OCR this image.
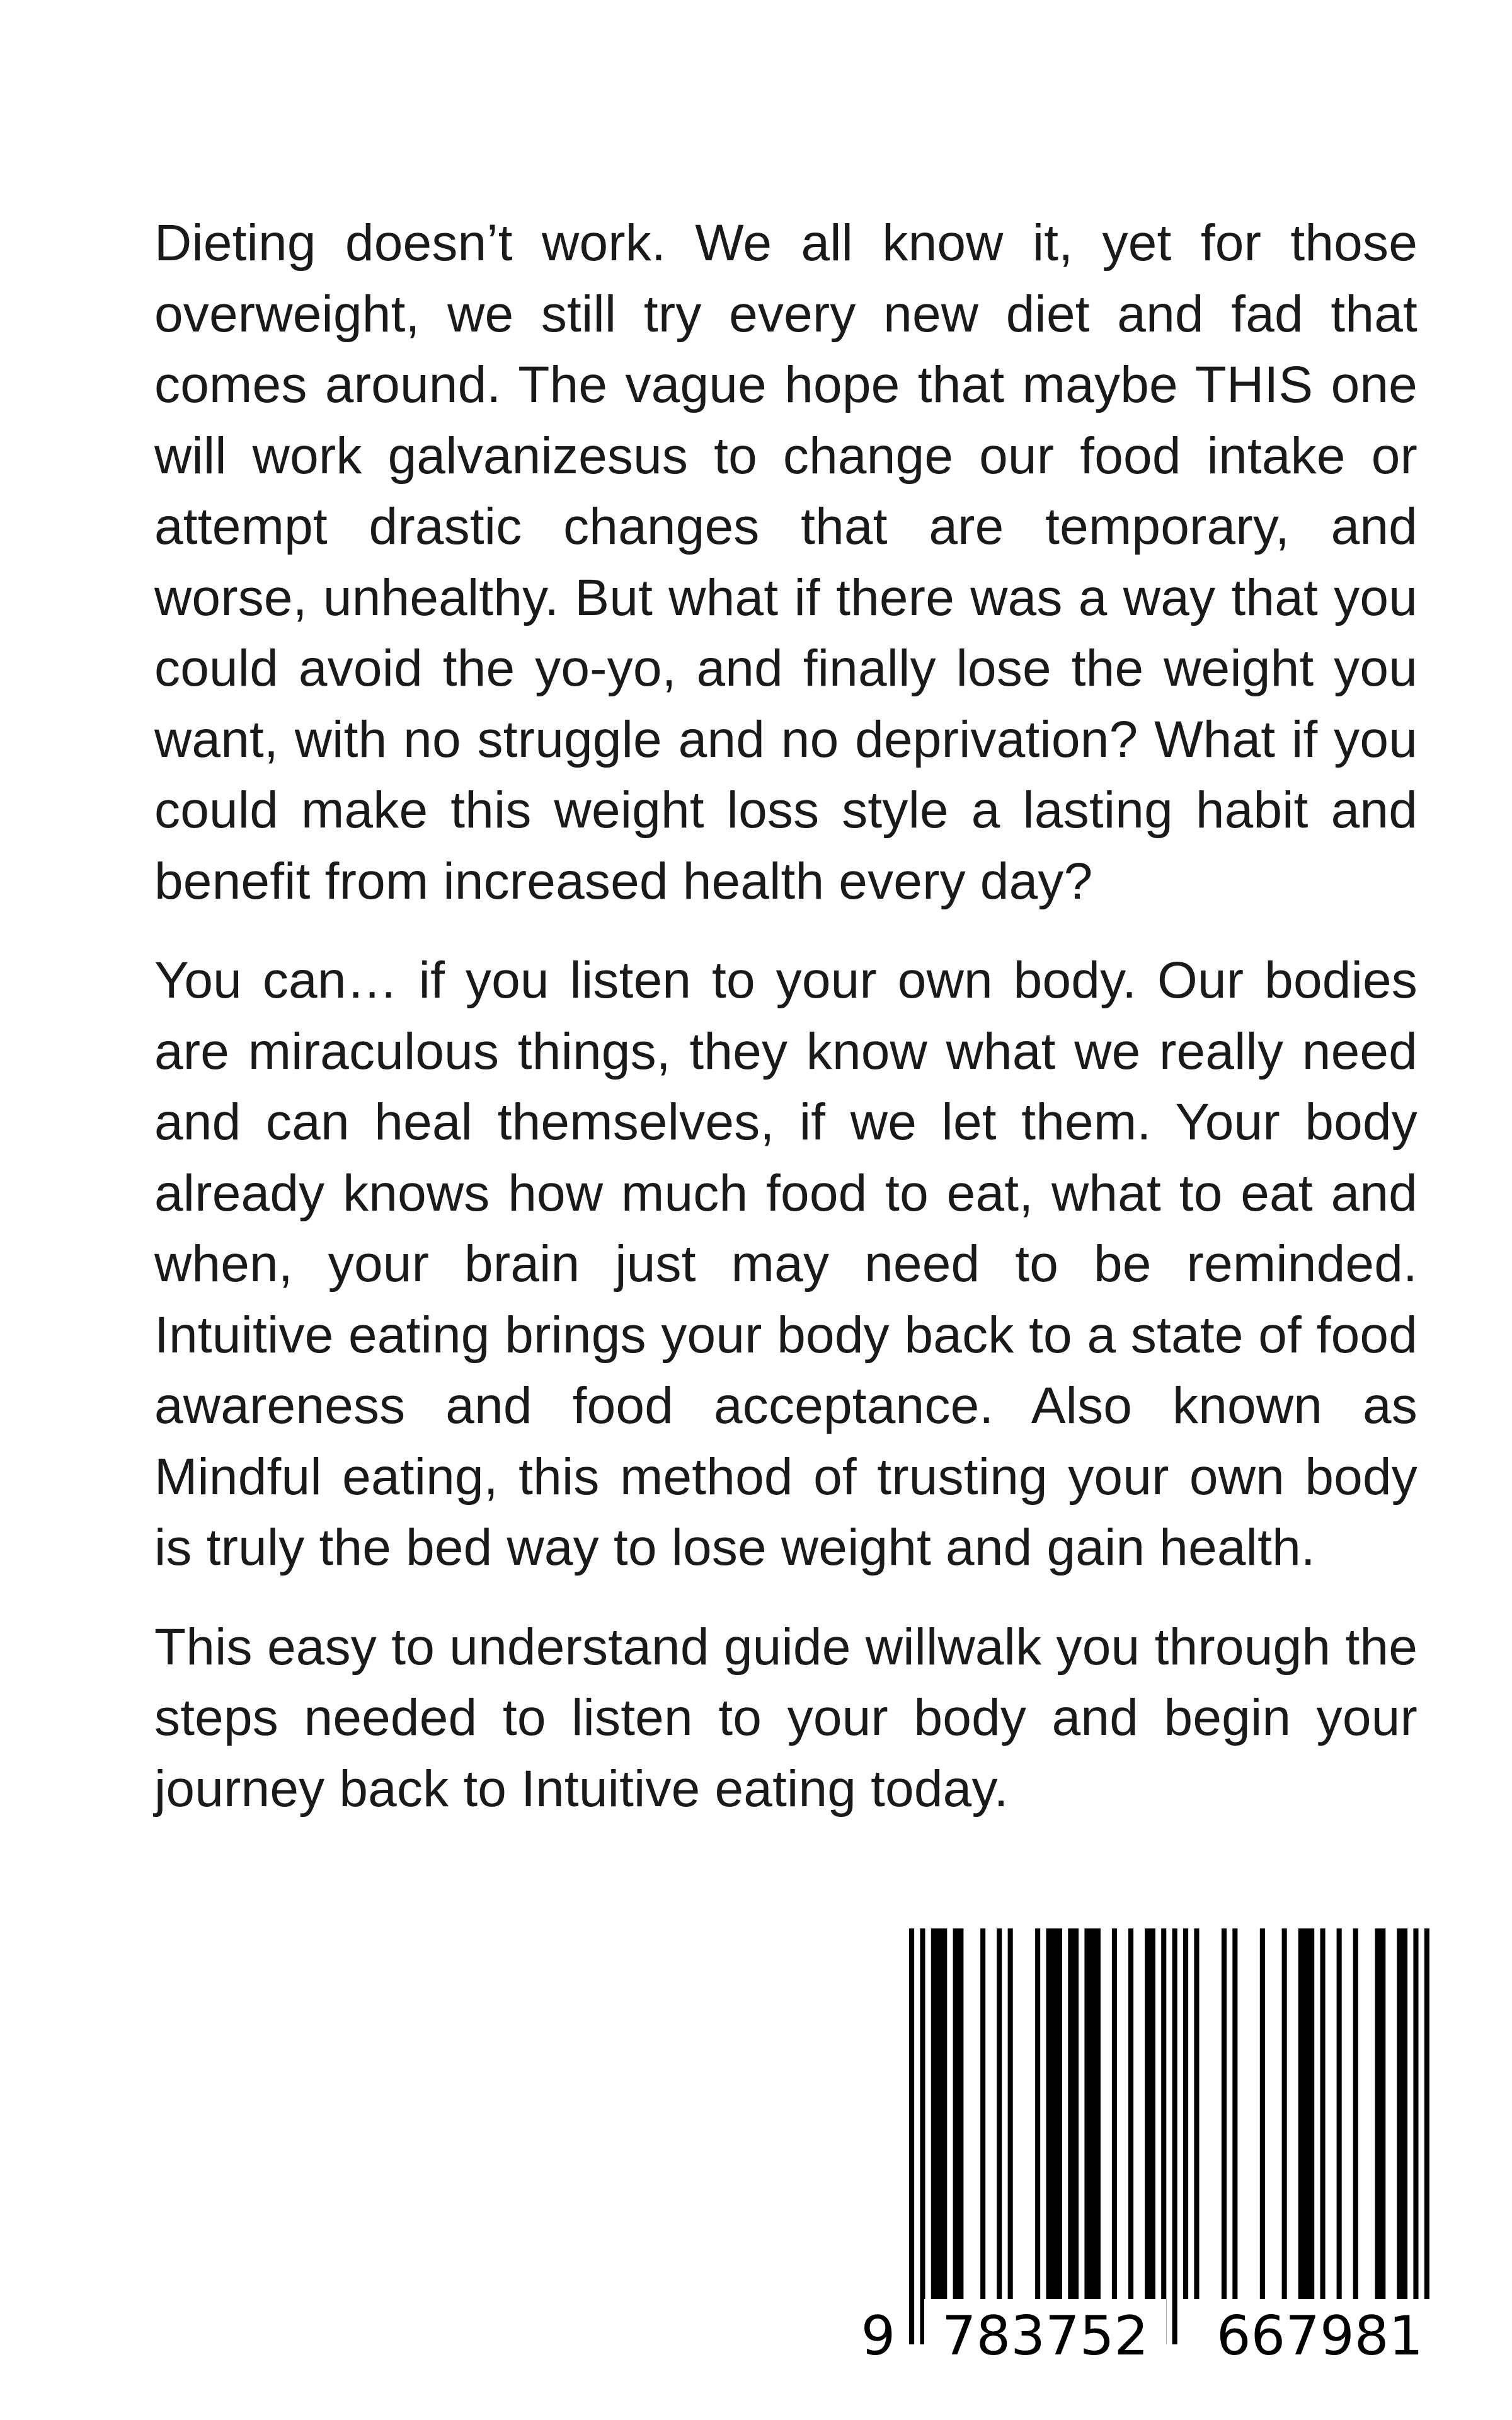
Dieting doesn’t work. We all know it, yet for those overweight, we still try every new diet and fad that comes around. The vague hope that maybe THIS one will work galvanizesus to change our food intake or attempt drastic changes that are temporary, and worse, unhealthy. But what if there was a way that you could avoid the yo-yo, and finally lose the weight you want, with no struggle and no deprivation? What if you could make this weight loss style a lasting habit and benefit from increased health every day?

You can… if you listen to your own body. Our bodies are miraculous things, they know what we really need and can heal themselves, if we let them. Your body already knows how much food to eat, what to eat and when, your brain just may need to be reminded. Intuitive eating brings your body back to a state of food awareness and food acceptance. Also known as Mindful eating, this method of trusting your own body is truly the bed way to lose weight and gain health.

This easy to understand guide willwalk you through the steps needed to listen to your body and begin your journey back to Intuitive eating today.

9 783752	667981
